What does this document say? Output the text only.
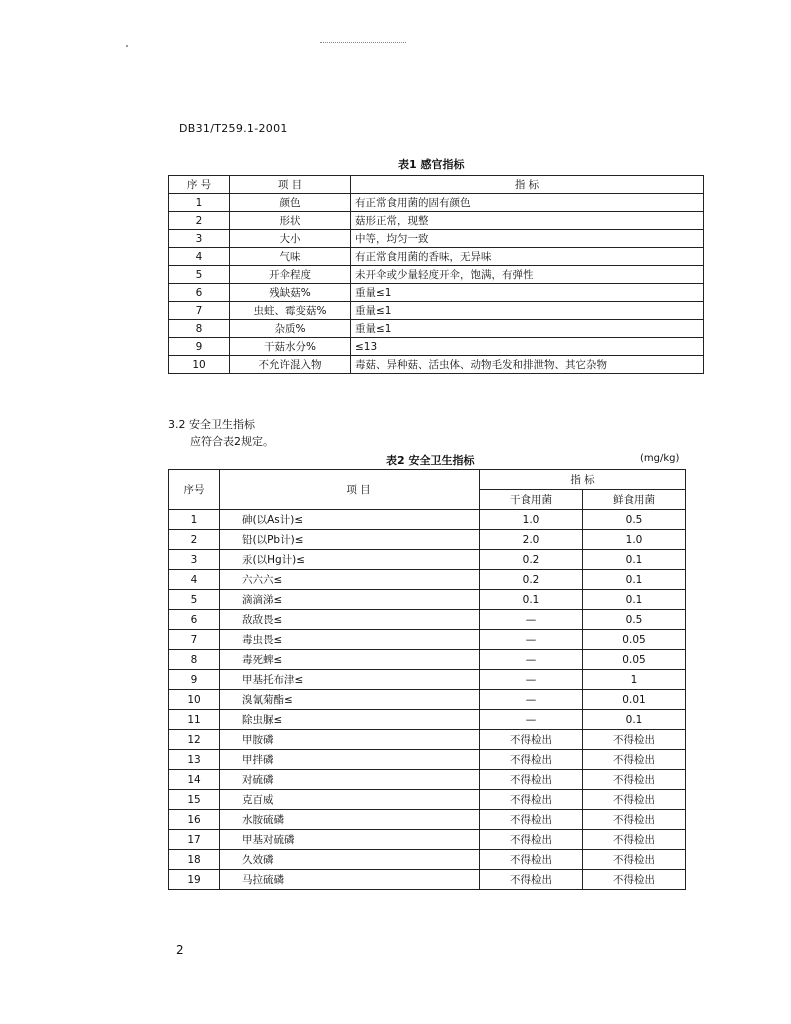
DB31/T259.1-2001
表1 感官指标
序 号	项 目	指 标
1	颜色	有正常食用菌的固有颜色
2	形状	菇形正常，现整
3	大小	中等，均匀一致
4	气味	有正常食用菌的香味，无异味
5	开伞程度	未开伞或少量轻度开伞，饱满，有弹性
6	残缺菇%	重量≤1
7	虫蛀、霉变菇%	重量≤1
8	杂质%	重量≤1
9	干菇水分%	≤13
10	不允许混入物	毒菇、异种菇、活虫体、动物毛发和排泄物、其它杂物
3.2 安全卫生指标
应符合表2规定。
表2 安全卫生指标	(mg/kg)
序号	项 目	指 标	
		干食用菌	鲜食用菌
1	砷(以As计)≤	1.0	0.5
2	铅(以Pb计)≤	2.0	1.0
3	汞(以Hg计)≤	0.2	0.1
4	六六六≤	0.2	0.1
5	滴滴涕≤	0.1	0.1
6	敌敌畏≤	—	0.5
7	毒虫畏≤	—	0.05
8	毒死蜱≤	—	0.05
9	甲基托布津≤	—	1
10	溴氰菊酯≤	—	0.01
11	除虫脲≤	—	0.1
12	甲胺磷	不得检出	不得检出
13	甲拌磷	不得检出	不得检出
14	对硫磷	不得检出	不得检出
15	克百威	不得检出	不得检出
16	水胺硫磷	不得检出	不得检出
17	甲基对硫磷	不得检出	不得检出
18	久效磷	不得检出	不得检出
19	马拉硫磷	不得检出	不得检出
2
